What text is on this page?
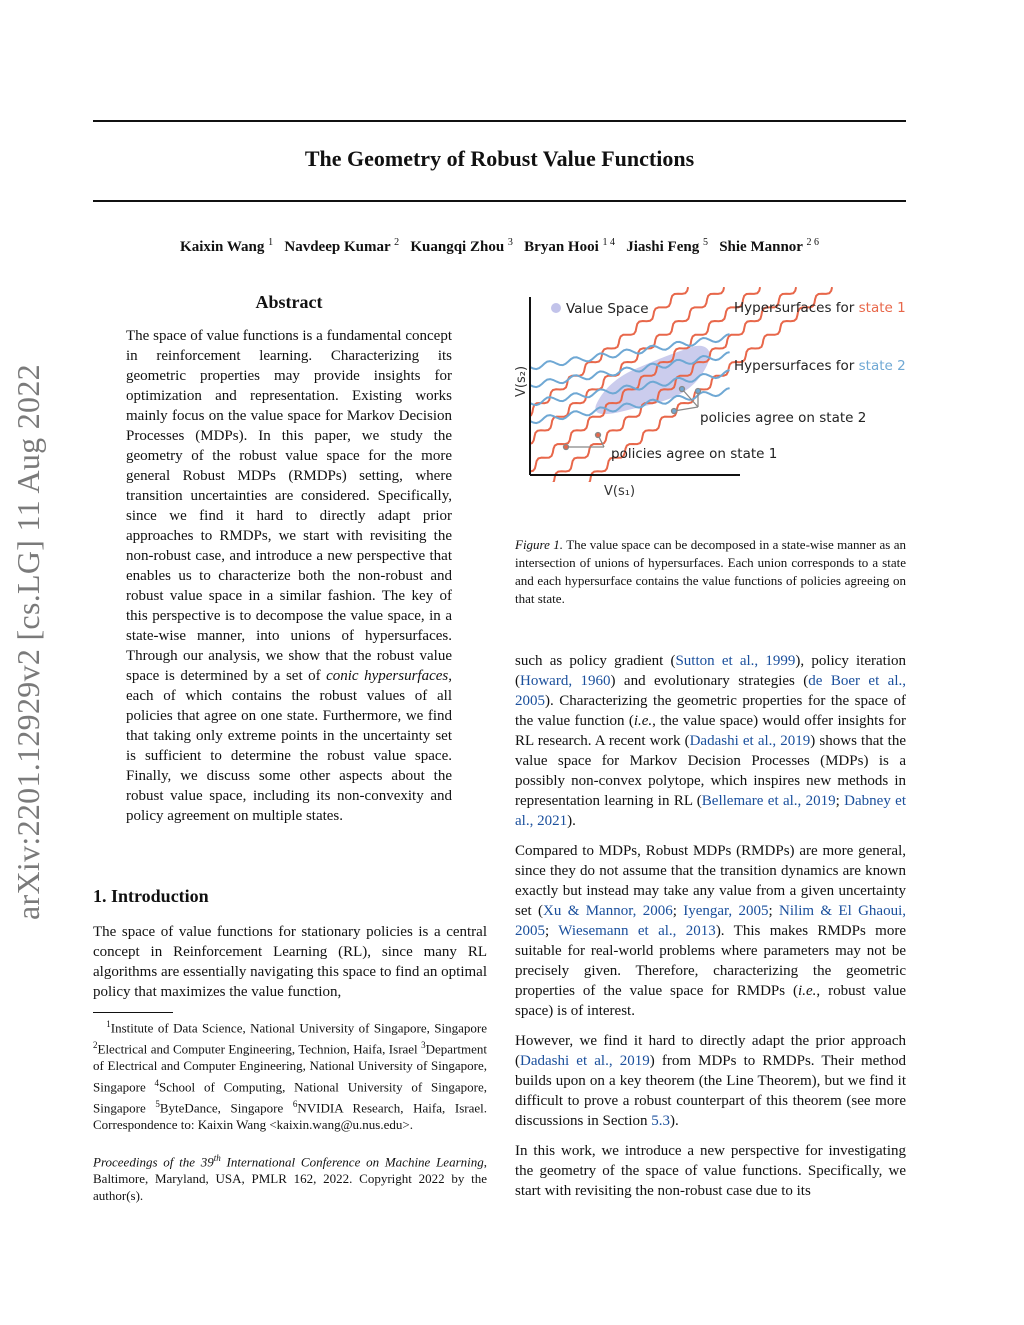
The Geometry of Robust Value Functions
Kaixin Wang $^1$ Navdeep Kumar $^2$ Kuangqi Zhou $^3$ Bryan Hooi $^{1 4}$ Jiashi Feng $^5$ Shie Mannor $^{2 6}$
arXiv:2201.12929v2 [cs.LG] 11 Aug 2022
Abstract
The space of value functions is a fundamental concept in reinforcement learning. Characterizing its geometric properties may provide insights for optimization and representation. Existing works mainly focus on the value space for Markov Decision Processes (MDPs). In this paper, we study the geometry of the robust value space for the more general Robust MDPs (RMDPs) setting, where transition uncertainties are considered. Specifically, since we find it hard to directly adapt prior approaches to RMDPs, we start with revisiting the non-robust case, and introduce a new perspective that enables us to characterize both the non-robust and robust value space in a similar fashion. The key of this perspective is to decompose the value space, in a state-wise manner, into unions of hypersurfaces. Through our analysis, we show that the robust value space is determined by a set of conic hypersurfaces, each of which contains the robust values of all policies that agree on one state. Furthermore, we find that taking only extreme points in the uncertainty set is sufficient to determine the robust value space. Finally, we discuss some other aspects about the robust value space, including its non-convexity and policy agreement on multiple states.
1. Introduction
The space of value functions for stationary policies is a central concept in Reinforcement Learning (RL), since many RL algorithms are essentially navigating this space to find an optimal policy that maximizes the value function,
$^1$Institute of Data Science, National University of Singapore, Singapore $^2$Electrical and Computer Engineering, Technion, Haifa, Israel $^3$Department of Electrical and Computer Engineering, National University of Singapore, Singapore $^4$School of Computing, National University of Singapore, Singapore $^5$ByteDance, Singapore $^6$NVIDIA Research, Haifa, Israel. Correspondence to: Kaixin Wang <kaixin.wang@u.nus.edu>.
Proceedings of the 39th International Conference on Machine Learning, Baltimore, Maryland, USA, PMLR 162, 2022. Copyright 2022 by the author(s).
Value Space	Hypersurfaces for state 1
Hypersurfaces for state 2
policies agree on state 2
policies agree on state 1
V(s₁)
V(s₂)
Figure 1. The value space can be decomposed in a state-wise manner as an intersection of unions of hypersurfaces. Each union corresponds to a state and each hypersurface contains the value functions of policies agreeing on that state.

such as policy gradient (Sutton et al., 1999), policy iteration (Howard, 1960) and evolutionary strategies (de Boer et al., 2005). Characterizing the geometric properties for the space of the value function (i.e., the value space) would offer insights for RL research. A recent work (Dadashi et al., 2019) shows that the value space for Markov Decision Processes (MDPs) is a possibly non-convex polytope, which inspires new methods in representation learning in RL (Bellemare et al., 2019; Dabney et al., 2021).

Compared to MDPs, Robust MDPs (RMDPs) are more general, since they do not assume that the transition dynamics are known exactly but instead may take any value from a given uncertainty set (Xu & Mannor, 2006; Iyengar, 2005; Nilim & El Ghaoui, 2005; Wiesemann et al., 2013). This makes RMDPs more suitable for real-world problems where parameters may not be precisely given. Therefore, characterizing the geometric properties of the value space for RMDPs (i.e., robust value space) is of interest.

However, we find it hard to directly adapt the prior approach (Dadashi et al., 2019) from MDPs to RMDPs. Their method builds upon on a key theorem (the Line Theorem), but we find it difficult to prove a robust counterpart of this theorem (see more discussions in Section 5.3).

In this work, we introduce a new perspective for investigating the geometry of the space of value functions. Specifically, we start with revisiting the non-robust case due to its
